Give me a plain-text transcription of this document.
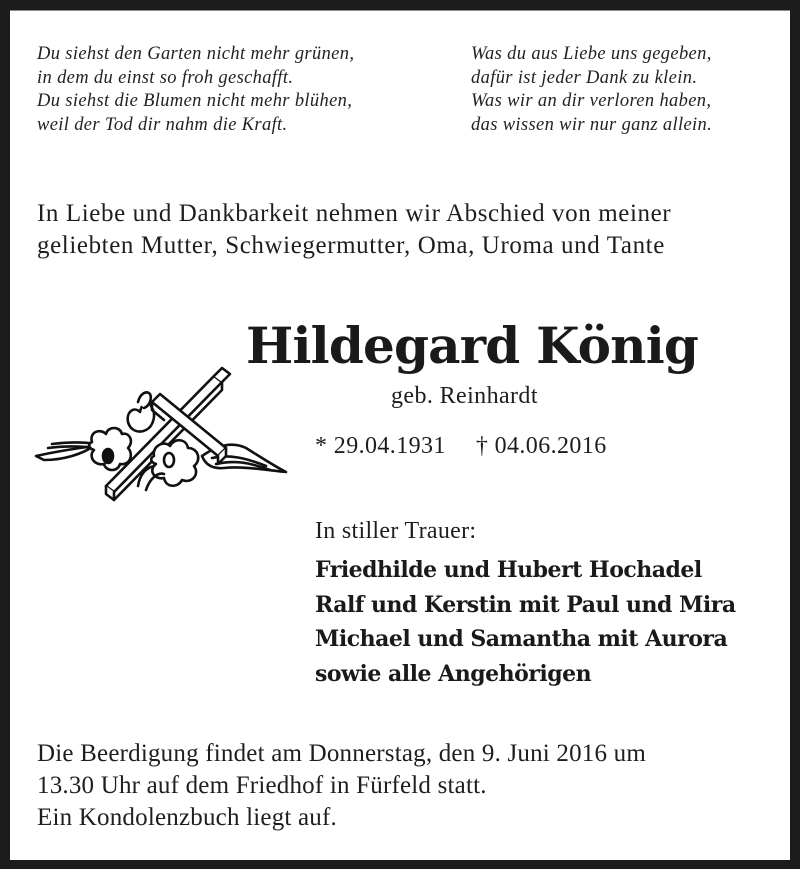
Du siehst den Garten nicht mehr grünen,
in dem du einst so froh geschafft.
Du siehst die Blumen nicht mehr blühen,
weil der Tod dir nahm die Kraft.
Was du aus Liebe uns gegeben,
dafür ist jeder Dank zu klein.
Was wir an dir verloren haben,
das wissen wir nur ganz allein.
In Liebe und Dankbarkeit nehmen wir Abschied von meiner
geliebten Mutter, Schwiegermutter, Oma, Uroma und Tante
Hildegard König
geb. Reinhardt
* 29.04.1931 † 04.06.2016
In stiller Trauer:
Friedhilde und Hubert Hochadel
Ralf und Kerstin mit Paul und Mira
Michael und Samantha mit Aurora
sowie alle Angehörigen
Die Beerdigung findet am Donnerstag, den 9. Juni 2016 um
13.30 Uhr auf dem Friedhof in Fürfeld statt.
Ein Kondolenzbuch liegt auf.
